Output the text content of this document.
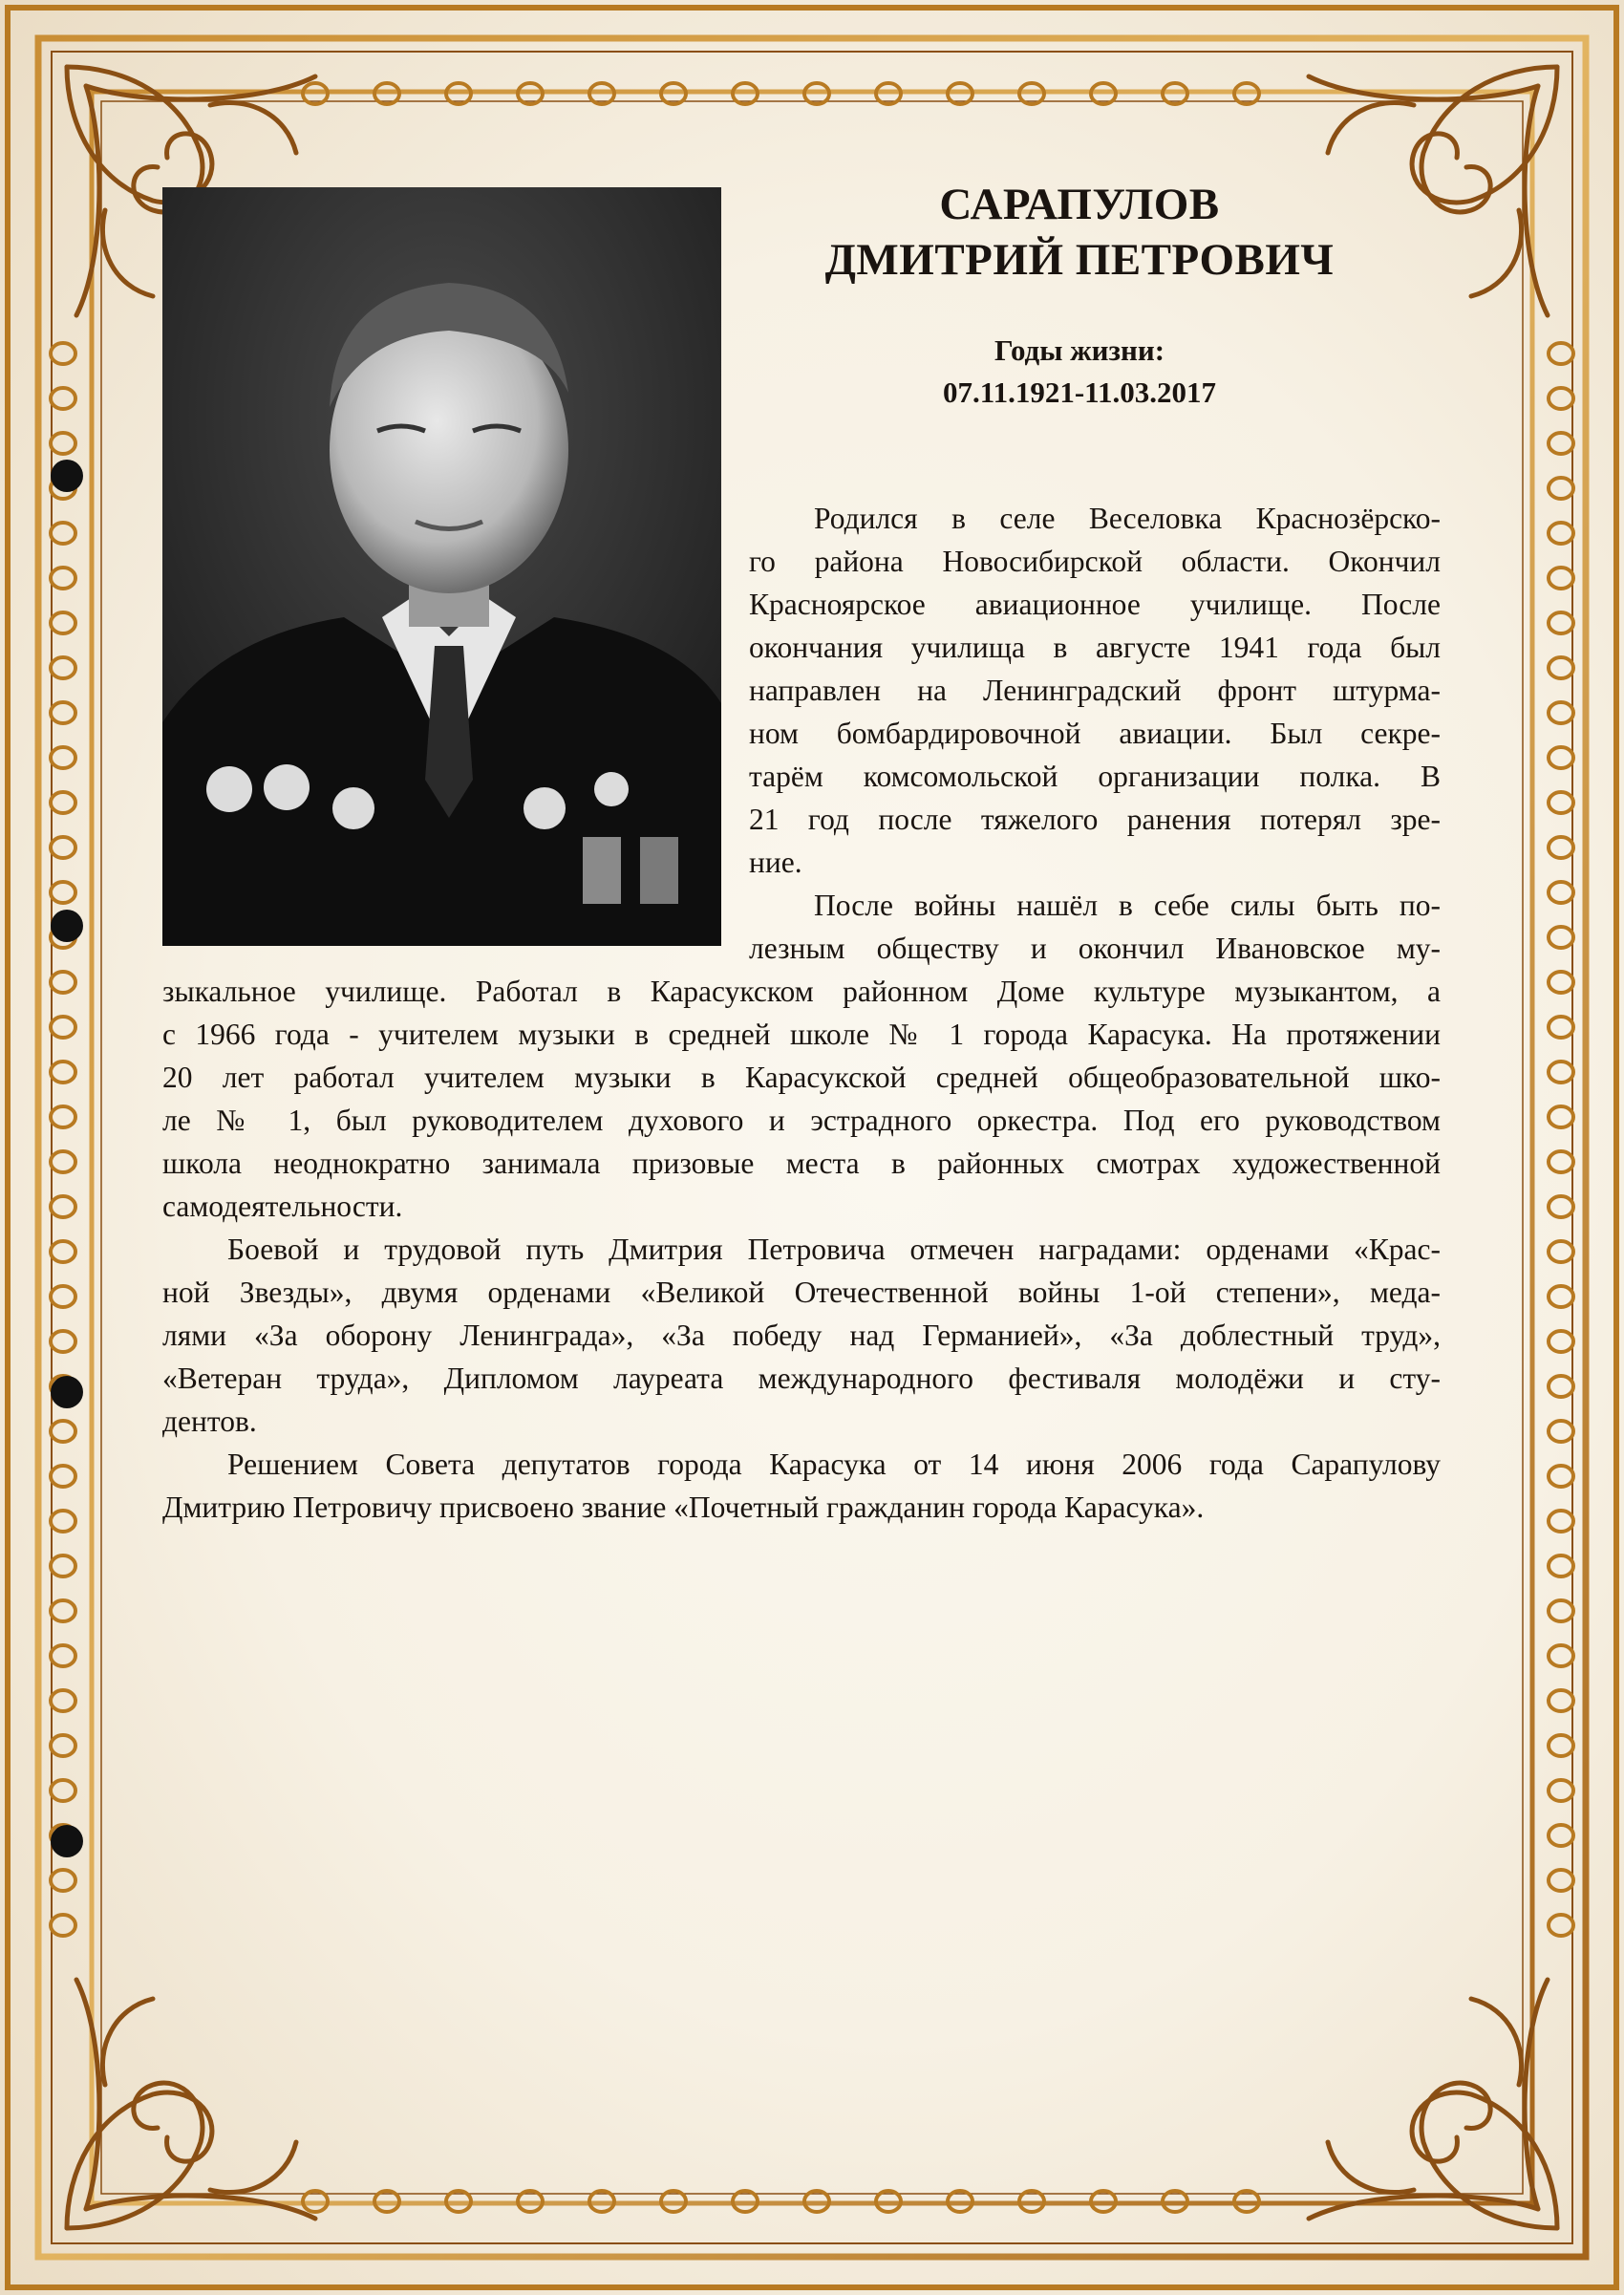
САРАПУЛОВ
ДМИТРИЙ ПЕТРОВИЧ
Годы жизни:
07.11.1921-11.03.2017
Родился в селе Веселовка Краснозёрско-
го района Новосибирской области. Окончил
Красноярское авиационное училище. После
окончания училища в августе 1941 года был
направлен на Ленинградский фронт штурма-
ном бомбардировочной авиации. Был секре-
тарём комсомольской организации полка. В
21 год после тяжелого ранения потерял зре-
ние.
После войны нашёл в себе силы быть по-
лезным обществу и окончил Ивановское му-
зыкальное училище. Работал в Карасукском районном Доме культуре музыкантом, а
с 1966 года - учителем музыки в средней школе № 1 города Карасука. На протяжении
20 лет работал учителем музыки в Карасукской средней общеобразовательной шко-
ле № 1, был руководителем духового и эстрадного оркестра. Под его руководством
школа неоднократно занимала призовые места в районных смотрах художественной
самодеятельности.
Боевой и трудовой путь Дмитрия Петровича отмечен наградами: орденами «Крас-
ной Звезды», двумя орденами «Великой Отечественной войны 1-ой степени», меда-
лями «За оборону Ленинграда», «За победу над Германией», «За доблестный труд»,
«Ветеран труда», Дипломом лауреата международного фестиваля молодёжи и сту-
дентов.
Решением Совета депутатов города Карасука от 14 июня 2006 года Сарапулову
Дмитрию Петровичу присвоено звание «Почетный гражданин города Карасука».
